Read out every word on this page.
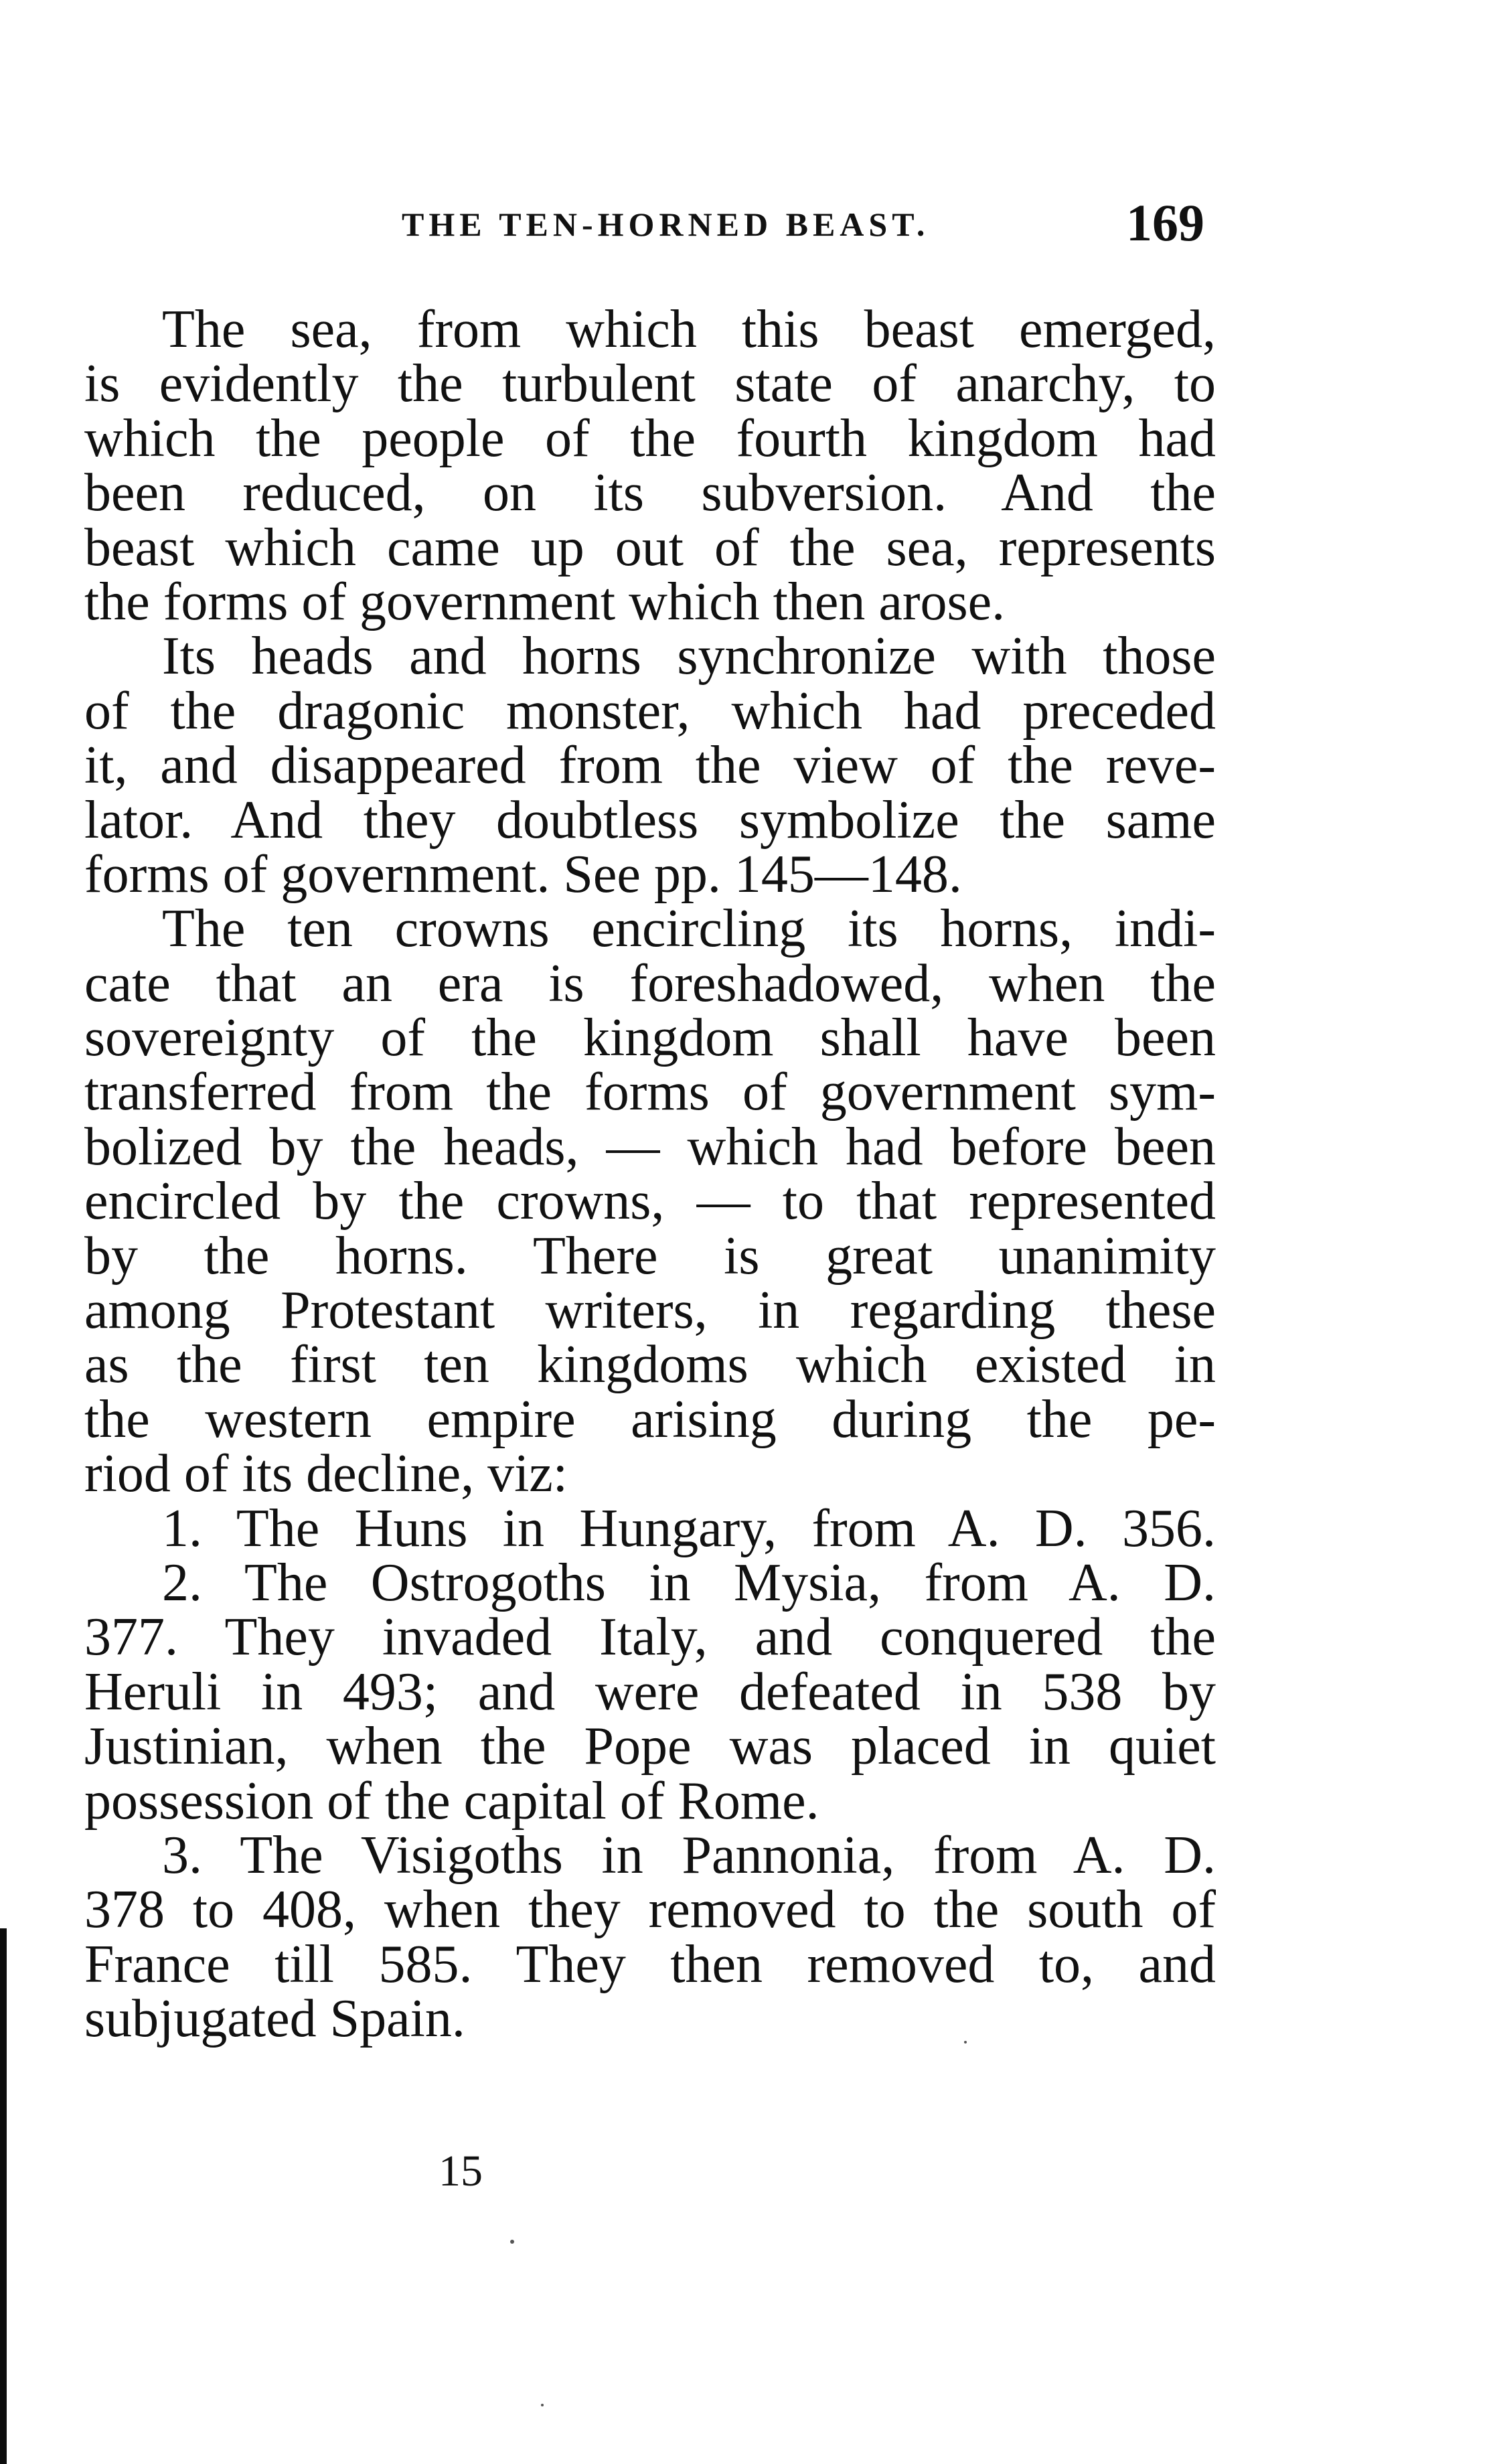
THE TEN-HORNED BEAST.	169
The sea, from which this beast emerged,
is evidently the turbulent state of anarchy, to
which the people of the fourth kingdom had
been reduced, on its subversion. And the
beast which came up out of the sea, represents
the forms of government which then arose.
Its heads and horns synchronize with those
of the dragonic monster, which had preceded
it, and disappeared from the view of the reve-
lator. And they doubtless symbolize the same
forms of government. See pp. 145—148.
The ten crowns encircling its horns, indi-
cate that an era is foreshadowed, when the
sovereignty of the kingdom shall have been
transferred from the forms of government sym-
bolized by the heads, — which had before been
encircled by the crowns, — to that represented
by the horns. There is great unanimity
among Protestant writers, in regarding these
as the first ten kingdoms which existed in
the western empire arising during the pe-
riod of its decline, viz:
1. The Huns in Hungary, from A. D. 356.
2. The Ostrogoths in Mysia, from A. D.
377. They invaded Italy, and conquered the
Heruli in 493; and were defeated in 538 by
Justinian, when the Pope was placed in quiet
possession of the capital of Rome.
3. The Visigoths in Pannonia, from A. D.
378 to 408, when they removed to the south of
France till 585. They then removed to, and
subjugated Spain.
15
